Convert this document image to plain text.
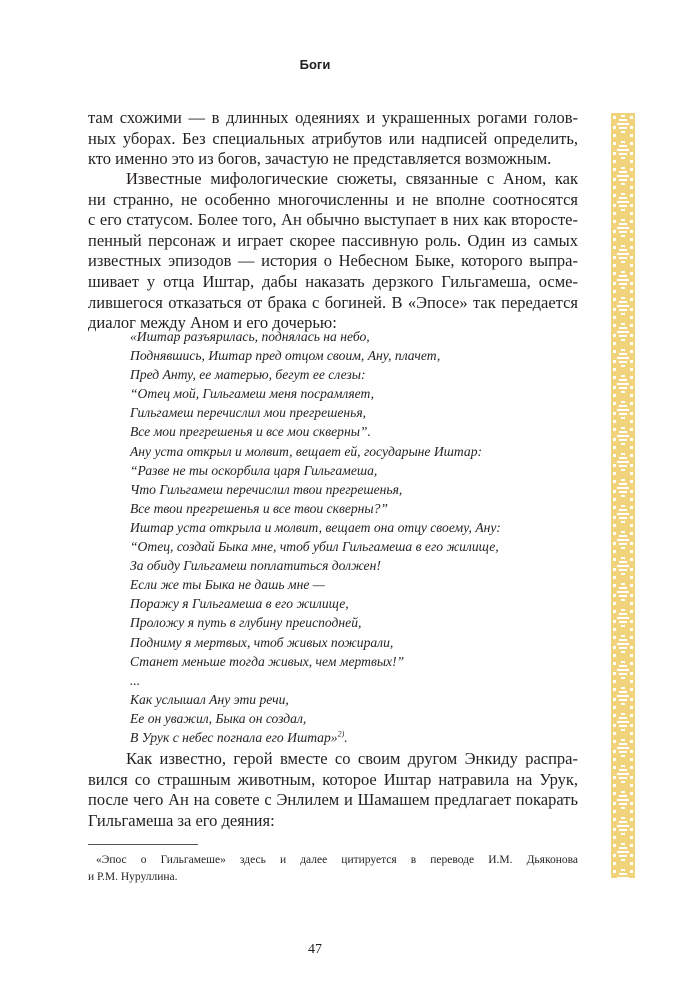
Боги
там схожими — в длинных одеяниях и украшенных рогами голов-
ных уборах. Без специальных атрибутов или надписей определить,
кто именно это из богов, зачастую не представляется возможным.
Известные мифологические сюжеты, связанные с Аном, как
ни странно, не особенно многочисленны и не вполне соотносятся
с его статусом. Более того, Ан обычно выступает в них как второсте-
пенный персонаж и играет скорее пассивную роль. Один из самых
известных эпизодов — история о Небесном Быке, которого выпра-
шивает у отца Иштар, дабы наказать дерзкого Гильгамеша, осме-
лившегося отказаться от брака с богиней. В «Эпосе» так передается
диалог между Аном и его дочерью:
«Иштар разъярилась, поднялась на небо,
Поднявшись, Иштар пред отцом своим, Ану, плачет,
Пред Анту, ее матерью, бегут ее слезы:
“Отец мой, Гильгамеш меня посрамляет,
Гильгамеш перечислил мои прегрешенья,
Все мои прегрешенья и все мои скверны”.
Ану уста открыл и молвит, вещает ей, государыне Иштар:
“Разве не ты оскорбила царя Гильгамеша,
Что Гильгамеш перечислил твои прегрешенья,
Все твои прегрешенья и все твои скверны?”
Иштар уста открыла и молвит, вещает она отцу своему, Ану:
“Отец, создай Быка мне, чтоб убил Гильгамеша в его жилище,
За обиду Гильгамеш поплатиться должен!
Если же ты Быка не дашь мне —
Поражу я Гильгамеша в его жилище,
Проложу я путь в глубину преисподней,
Подниму я мертвых, чтоб живых пожирали,
Станет меньше тогда живых, чем мертвых!”
...
Как услышал Ану эти речи,
Ее он уважил, Быка он создал,
В Урук с небес погнала его Иштар»$^{2)}$.
Как известно, герой вместе со своим другом Энкиду распра-
вился со страшным животным, которое Иштар натравила на Урук,
после чего Ан на совете с Энлилем и Шамашем предлагает покарать
Гильгамеша за его деяния:
«Эпос о Гильгамеше» здесь и далее цитируется в переводе И.М. Дьяконова
и Р.М. Нуруллина.
47
